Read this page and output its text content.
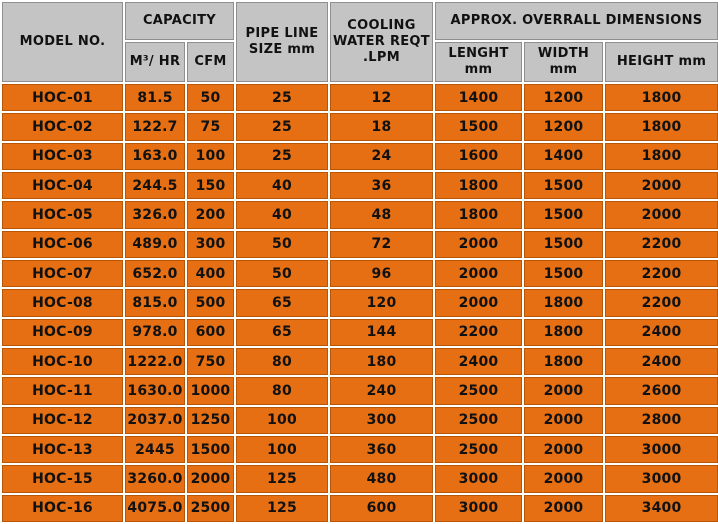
MODEL NO.	CAPACITY		PIPE LINE SIZE mm	COOLING WATER REQT .LPM	APPROX. OVERRALL DIMENSIONS		
	M³/ HR	CFM			LENGHT mm	WIDTH mm	HEIGHT mm
HOC-01	81.5	50	25	12	1400	1200	1800
HOC-02	122.7	75	25	18	1500	1200	1800
HOC-03	163.0	100	25	24	1600	1400	1800
HOC-04	244.5	150	40	36	1800	1500	2000
HOC-05	326.0	200	40	48	1800	1500	2000
HOC-06	489.0	300	50	72	2000	1500	2200
HOC-07	652.0	400	50	96	2000	1500	2200
HOC-08	815.0	500	65	120	2000	1800	2200
HOC-09	978.0	600	65	144	2200	1800	2400
HOC-10	1222.0	750	80	180	2400	1800	2400
HOC-11	1630.0	1000	80	240	2500	2000	2600
HOC-12	2037.0	1250	100	300	2500	2000	2800
HOC-13	2445	1500	100	360	2500	2000	3000
HOC-15	3260.0	2000	125	480	3000	2000	3000
HOC-16	4075.0	2500	125	600	3000	2000	3400
